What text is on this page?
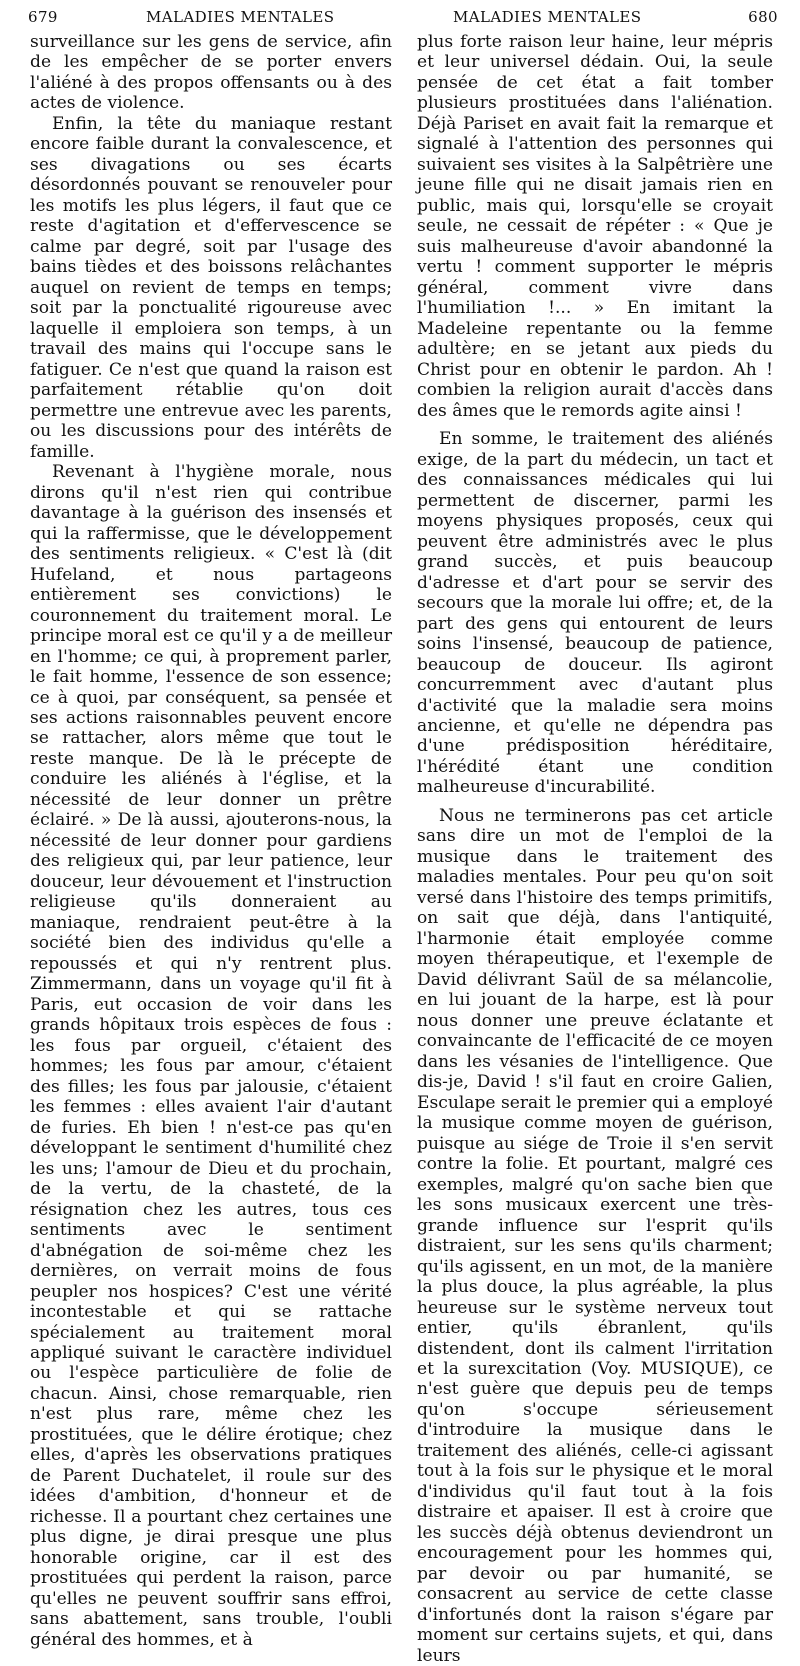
679	MALADIES MENTALES	MALADIES MENTALES	680

surveillance sur les gens de service, afin de les empêcher de se porter envers l'aliéné à des propos offensants ou à des actes de violence.

Enfin, la tête du maniaque restant encore faible durant la convalescence, et ses divagations ou ses écarts désordonnés pouvant se renouveler pour les motifs les plus légers, il faut que ce reste d'agitation et d'effervescence se calme par degré, soit par l'usage des bains tièdes et des boissons relâchantes auquel on revient de temps en temps; soit par la ponctualité rigoureuse avec laquelle il emploiera son temps, à un travail des mains qui l'occupe sans le fatiguer. Ce n'est que quand la raison est parfaitement rétablie qu'on doit permettre une entrevue avec les parents, ou les discussions pour des intérêts de famille.

Revenant à l'hygiène morale, nous dirons qu'il n'est rien qui contribue davantage à la guérison des insensés et qui la raffermisse, que le développement des sentiments religieux. « C'est là (dit Hufeland, et nous partageons entièrement ses convictions) le couronnement du traitement moral. Le principe moral est ce qu'il y a de meilleur en l'homme; ce qui, à proprement parler, le fait homme, l'essence de son essence; ce à quoi, par conséquent, sa pensée et ses actions raisonnables peuvent encore se rattacher, alors même que tout le reste manque. De là le précepte de conduire les aliénés à l'église, et la nécessité de leur donner un prêtre éclairé. » De là aussi, ajouterons-nous, la nécessité de leur donner pour gardiens des religieux qui, par leur patience, leur douceur, leur dévouement et l'instruction religieuse qu'ils donneraient au maniaque, rendraient peut-être à la société bien des individus qu'elle a repoussés et qui n'y rentrent plus. Zimmermann, dans un voyage qu'il fit à Paris, eut occasion de voir dans les grands hôpitaux trois espèces de fous : les fous par orgueil, c'étaient des hommes; les fous par amour, c'étaient des filles; les fous par jalousie, c'étaient les femmes : elles avaient l'air d'autant de furies. Eh bien ! n'est-ce pas qu'en développant le sentiment d'humilité chez les uns; l'amour de Dieu et du prochain, de la vertu, de la chasteté, de la résignation chez les autres, tous ces sentiments avec le sentiment d'abnégation de soi-même chez les dernières, on verrait moins de fous peupler nos hospices? C'est une vérité incontestable et qui se rattache spécialement au traitement moral appliqué suivant le caractère individuel ou l'espèce particulière de folie de chacun. Ainsi, chose remarquable, rien n'est plus rare, même chez les prostituées, que le délire érotique; chez elles, d'après les observations pratiques de Parent Duchatelet, il roule sur des idées d'ambition, d'honneur et de richesse. Il a pourtant chez certaines une plus digne, je dirai presque une plus honorable origine, car il est des prostituées qui perdent la raison, parce qu'elles ne peuvent souffrir sans effroi, sans abattement, sans trouble, l'oubli général des hommes, et à

plus forte raison leur haine, leur mépris et leur universel dédain. Oui, la seule pensée de cet état a fait tomber plusieurs prostituées dans l'aliénation. Déjà Pariset en avait fait la remarque et signalé à l'attention des personnes qui suivaient ses visites à la Salpêtrière une jeune fille qui ne disait jamais rien en public, mais qui, lorsqu'elle se croyait seule, ne cessait de répéter : « Que je suis malheureuse d'avoir abandonné la vertu ! comment supporter le mépris général, comment vivre dans l'humiliation !... » En imitant la Madeleine repentante ou la femme adultère; en se jetant aux pieds du Christ pour en obtenir le pardon. Ah ! combien la religion aurait d'accès dans des âmes que le remords agite ainsi !

En somme, le traitement des aliénés exige, de la part du médecin, un tact et des connaissances médicales qui lui permettent de discerner, parmi les moyens physiques proposés, ceux qui peuvent être administrés avec le plus grand succès, et puis beaucoup d'adresse et d'art pour se servir des secours que la morale lui offre; et, de la part des gens qui entourent de leurs soins l'insensé, beaucoup de patience, beaucoup de douceur. Ils agiront concurremment avec d'autant plus d'activité que la maladie sera moins ancienne, et qu'elle ne dépendra pas d'une prédisposition héréditaire, l'hérédité étant une condition malheureuse d'incurabilité.

Nous ne terminerons pas cet article sans dire un mot de l'emploi de la musique dans le traitement des maladies mentales. Pour peu qu'on soit versé dans l'histoire des temps primitifs, on sait que déjà, dans l'antiquité, l'harmonie était employée comme moyen thérapeutique, et l'exemple de David délivrant Saül de sa mélancolie, en lui jouant de la harpe, est là pour nous donner une preuve éclatante et convaincante de l'efficacité de ce moyen dans les vésanies de l'intelligence. Que dis-je, David ! s'il faut en croire Galien, Esculape serait le premier qui a employé la musique comme moyen de guérison, puisque au siége de Troie il s'en servit contre la folie. Et pourtant, malgré ces exemples, malgré qu'on sache bien que les sons musicaux exercent une très-grande influence sur l'esprit qu'ils distraient, sur les sens qu'ils charment; qu'ils agissent, en un mot, de la manière la plus douce, la plus agréable, la plus heureuse sur le système nerveux tout entier, qu'ils ébranlent, qu'ils distendent, dont ils calment l'irritation et la surexcitation (Voy. MUSIQUE), ce n'est guère que depuis peu de temps qu'on s'occupe sérieusement d'introduire la musique dans le traitement des aliénés, celle-ci agissant tout à la fois sur le physique et le moral d'individus qu'il faut tout à la fois distraire et apaiser. Il est à croire que les succès déjà obtenus deviendront un encouragement pour les hommes qui, par devoir ou par humanité, se consacrent au service de cette classe d'infortunés dont la raison s'égare par moment sur certains sujets, et qui, dans leurs
